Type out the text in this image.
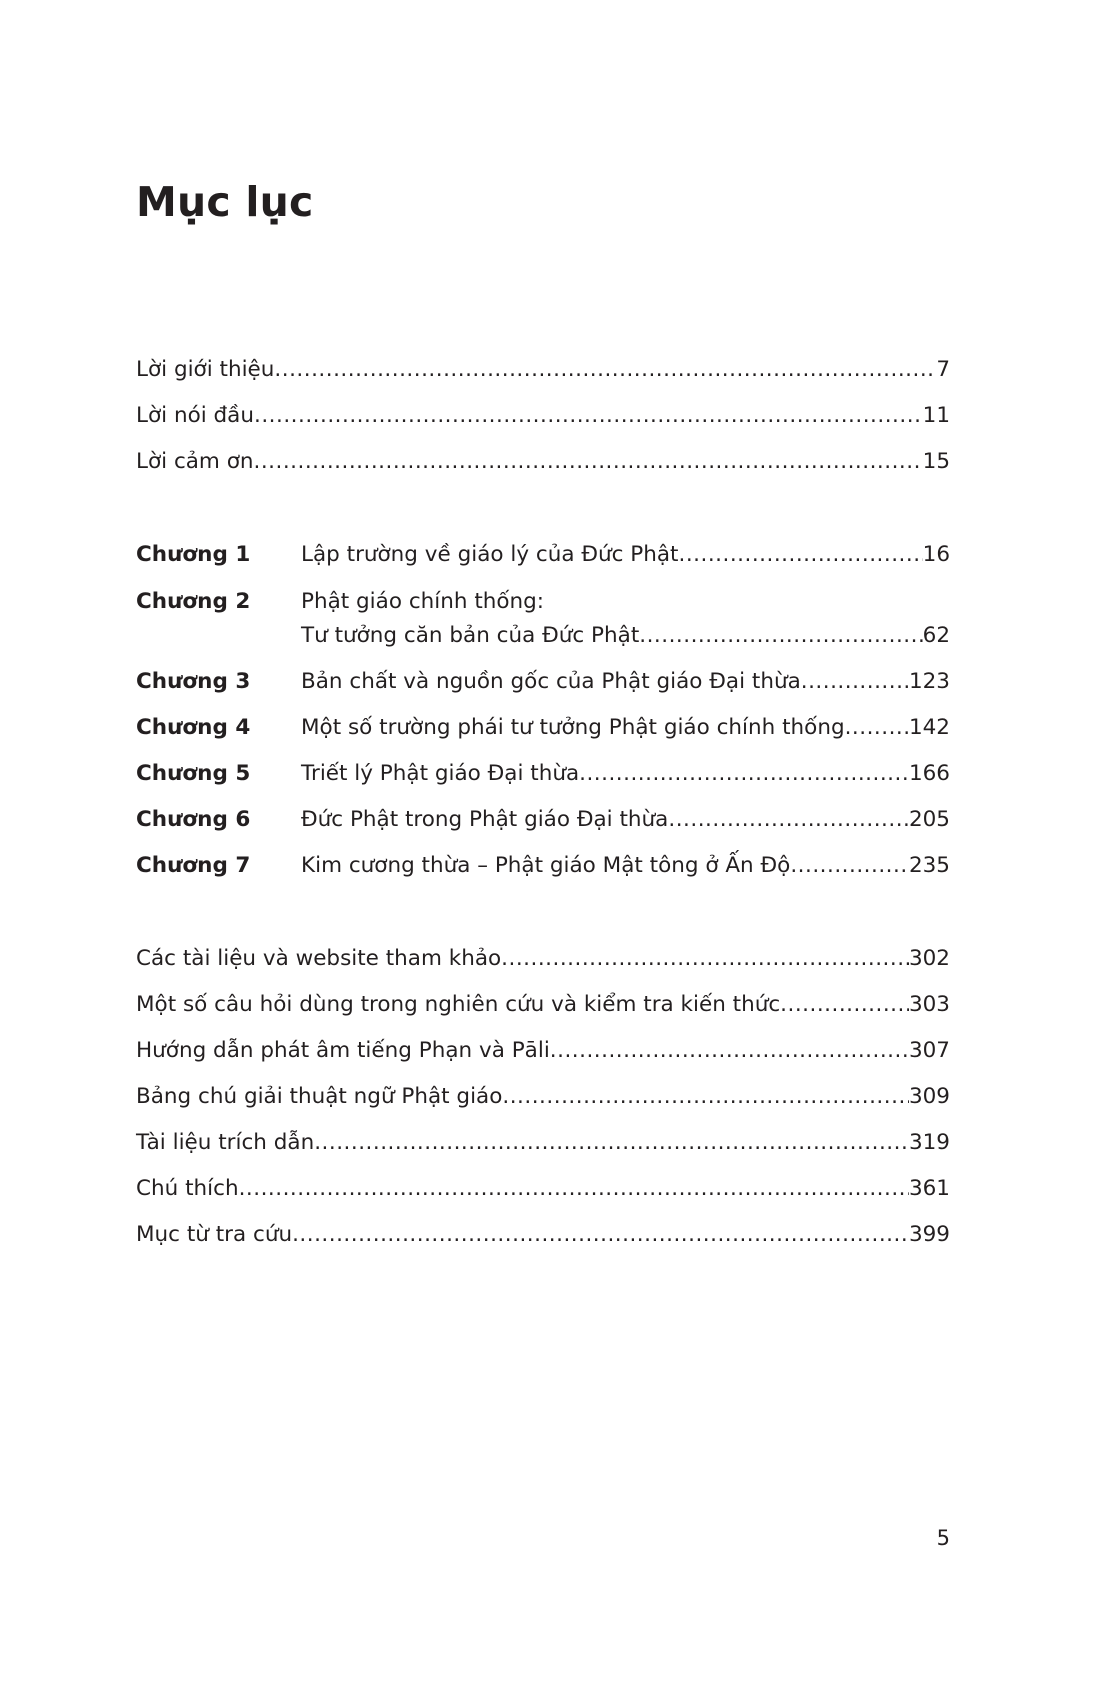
Mục lục
Lời giới thiệu .....	7
Lời nói đầu .....	11
Lời cảm ơn .....	15
Chương 1 Lập trường về giáo lý của Đức Phật .....	16
Chương 2 Phật giáo chính thống:
Tư tưởng căn bản của Đức Phật .....	62
Chương 3 Bản chất và nguồn gốc của Phật giáo Đại thừa .....	123
Chương 4 Một số trường phái tư tưởng Phật giáo chính thống .....	142
Chương 5 Triết lý Phật giáo Đại thừa .....	166
Chương 6 Đức Phật trong Phật giáo Đại thừa .....	205
Chương 7 Kim cương thừa – Phật giáo Mật tông ở Ấn Độ .....	235
Các tài liệu và website tham khảo .....	302
Một số câu hỏi dùng trong nghiên cứu và kiểm tra kiến thức .....	303
Hướng dẫn phát âm tiếng Phạn và Pāli .....	307
Bảng chú giải thuật ngữ Phật giáo .....	309
Tài liệu trích dẫn .....	319
Chú thích .....	361
Mục từ tra cứu .....	399
5
